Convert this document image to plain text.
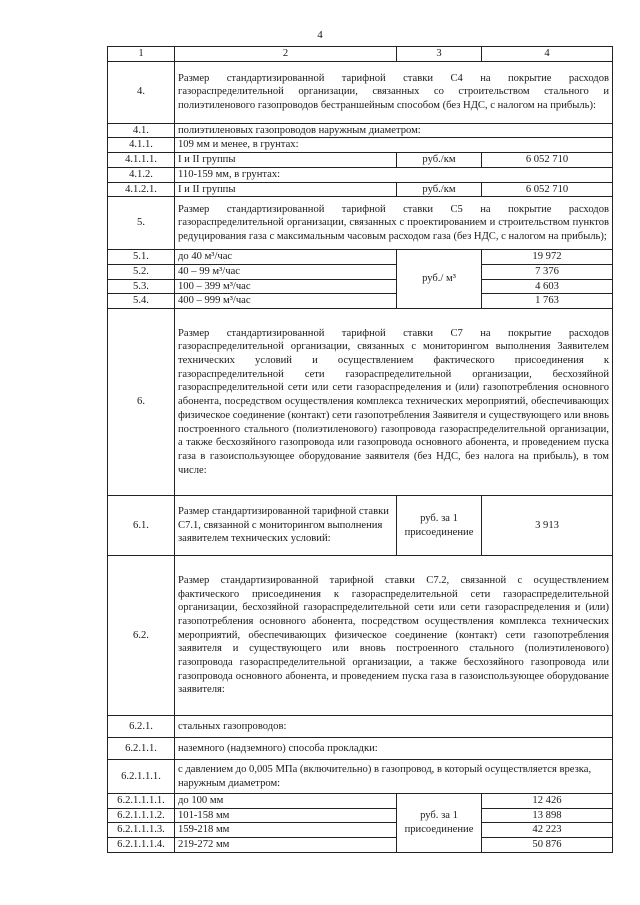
4
1	2	3	4
4.	Размер стандартизированной тарифной ставки С4 на покрытие расходов газораспределительной организации, связанных со строительством стального и полиэтиленового газопроводов бестраншейным способом (без НДС, с налогом на прибыль):		
4.1.	полиэтиленовых газопроводов наружным диаметром:		
4.1.1.	109 мм и менее, в грунтах:		
4.1.1.1.	I и II группы	руб./км	6 052 710
4.1.2.	110-159 мм, в грунтах:		
4.1.2.1.	I и II группы	руб./км	6 052 710
5.	Размер стандартизированной тарифной ставки С5 на покрытие расходов газораспределительной организации, связанных с проектированием и строительством пунктов редуцирования газа с максимальным часовым расходом газа (без НДС, с налогом на прибыль);		
5.1.	до 40 м³/час	руб./ м³	19 972
5.2.	40 – 99 м³/час		7 376
5.3.	100 – 399 м³/час		4 603
5.4.	400 – 999 м³/час		1 763
6.	Размер стандартизированной тарифной ставки С7 на покрытие расходов газораспределительной организации, связанных с мониторингом выполнения Заявителем технических условий и осуществлением фактического присоединения к газораспределительной сети газораспределительной организации, бесхозяйной газораспределительной сети или сети газораспределения и (или) газопотребления основного абонента, посредством осуществления комплекса технических мероприятий, обеспечивающих физическое соединение (контакт) сети газопотребления Заявителя и существующего или вновь построенного стального (полиэтиленового) газопровода газораспределительной организации, а также бесхозяйного газопровода или газопровода основного абонента, и проведением пуска газа в газоиспользующее оборудование заявителя (без НДС, без налога на прибыль), в том числе:		
6.1.	Размер стандартизированной тарифной ставки С7.1, связанной с мониторингом выполнения заявителем технических условий:	руб. за 1 присоединение	3 913
6.2.	Размер стандартизированной тарифной ставки С7.2, связанной с осуществлением фактического присоединения к газораспределительной сети газораспределительной организации, бесхозяйной газораспределительной сети или сети газораспределения и (или) газопотребления основного абонента, посредством осуществления комплекса технических мероприятий, обеспечивающих физическое соединение (контакт) сети газопотребления заявителя и существующего или вновь построенного стального (полиэтиленового) газопровода газораспределительной организации, а также бесхозяйного газопровода или газопровода основного абонента, и проведением пуска газа в газоиспользующее оборудование заявителя:		
6.2.1.	стальных газопроводов:		
6.2.1.1.	наземного (надземного) способа прокладки:		
6.2.1.1.1.	с давлением до 0,005 МПа (включительно) в газопровод, в который осуществляется врезка, наружным диаметром:		
6.2.1.1.1.1.	до 100 мм	руб. за 1 присоединение	12 426
6.2.1.1.1.2.	101-158 мм		13 898
6.2.1.1.1.3.	159-218 мм		42 223
6.2.1.1.1.4.	219-272 мм		50 876
